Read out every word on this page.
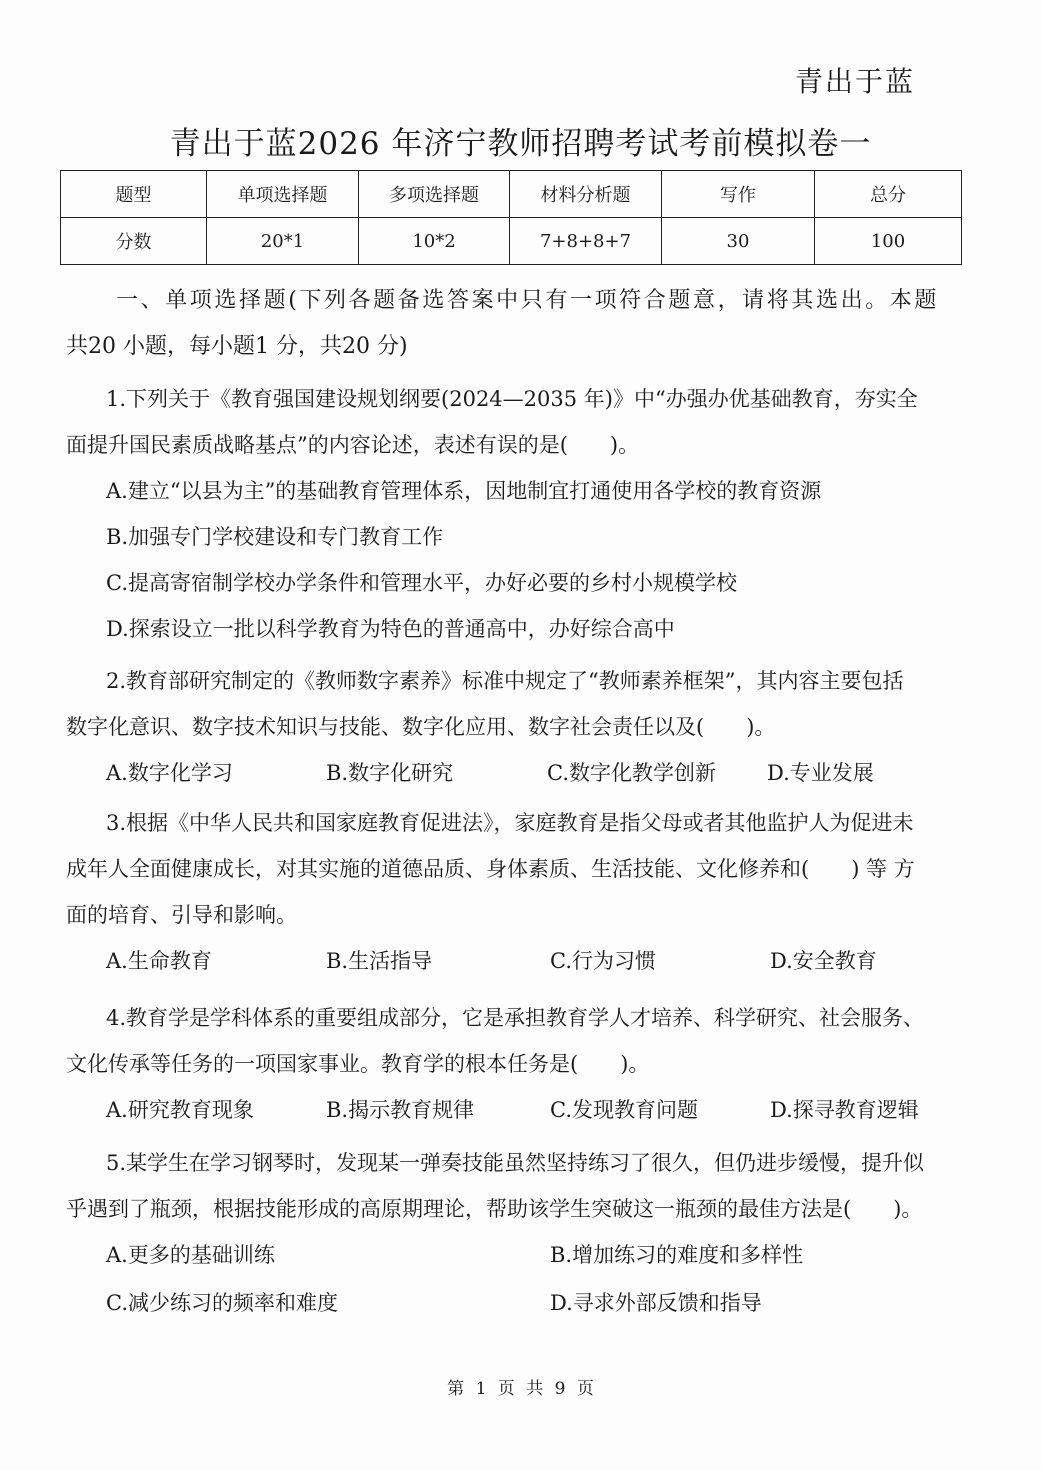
青出于蓝
青出于蓝2026 年济宁教师招聘考试考前模拟卷一
题型	单项选择题	多项选择题	材料分析题	写作	总分
分数	20*1	10*2	7+8+8+7	30	100
一、单项选择题(下列各题备选答案中只有一项符合题意，请将其选出。本题
共20 小题，每小题1 分，共20 分)
1.下列关于《教育强国建设规划纲要(2024—2035 年)》中“办强办优基础教育，夯实全
面提升国民素质战略基点”的内容论述，表述有误的是(　　)。
A.建立“以县为主”的基础教育管理体系，因地制宜打通使用各学校的教育资源
B.加强专门学校建设和专门教育工作
C.提高寄宿制学校办学条件和管理水平，办好必要的乡村小规模学校
D.探索设立一批以科学教育为特色的普通高中，办好综合高中
2.教育部研究制定的《教师数字素养》标准中规定了“教师素养框架”，其内容主要包括
数字化意识、数字技术知识与技能、数字化应用、数字社会责任以及(　　)。
A.数字化学习	B.数字化研究	C.数字化教学创新 D.专业发展
3.根据《中华人民共和国家庭教育促进法》，家庭教育是指父母或者其他监护人为促进未
成年人全面健康成长，对其实施的道德品质、身体素质、生活技能、文化修养和(　　) 等 方
面的培育、引导和影响。
A.生命教育	B.生活指导	C.行为习惯	D.安全教育
4.教育学是学科体系的重要组成部分，它是承担教育学人才培养、科学研究、社会服务、
文化传承等任务的一项国家事业。教育学的根本任务是(　　)。
A.研究教育现象	B.揭示教育规律	C.发现教育问题	D.探寻教育逻辑
5.某学生在学习钢琴时，发现某一弹奏技能虽然坚持练习了很久，但仍进步缓慢，提升似
乎遇到了瓶颈，根据技能形成的高原期理论，帮助该学生突破这一瓶颈的最佳方法是(　　)。
A.更多的基础训练	B.增加练习的难度和多样性
C.减少练习的频率和难度	D.寻求外部反馈和指导
第 1 页 共 9 页
